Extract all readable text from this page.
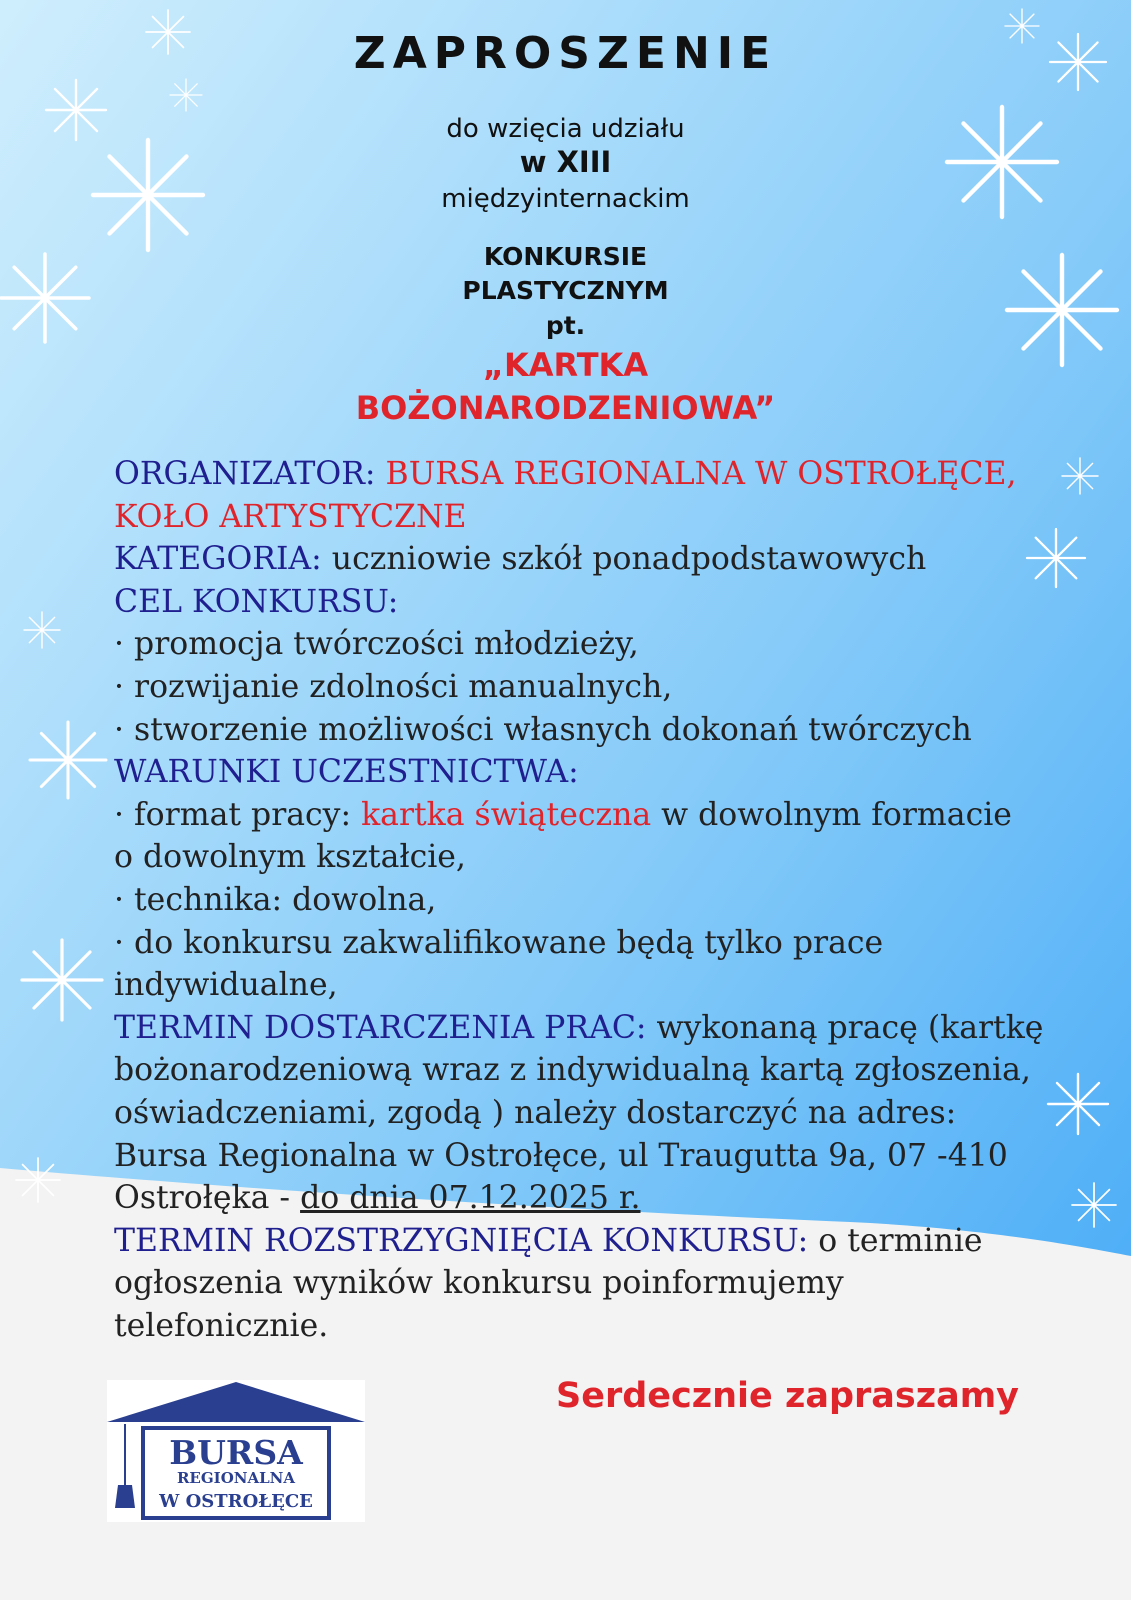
ZAPROSZENIE
do wzięcia udziału
w XIII
międzyinternackim
KONKURSIE
PLASTYCZNYM
pt.
„KARTKA
BOŻONARODZENIOWA”
ORGANIZATOR: BURSA REGIONALNA W OSTROŁĘCE,
KOŁO ARTYSTYCZNE
KATEGORIA: uczniowie szkół ponadpodstawowych
CEL KONKURSU:
· promocja twórczości młodzieży,
· rozwijanie zdolności manualnych,
· stworzenie możliwości własnych dokonań twórczych
WARUNKI UCZESTNICTWA:
· format pracy: kartka świąteczna w dowolnym formacie
o dowolnym kształcie,
· technika: dowolna,
· do konkursu zakwalifikowane będą tylko prace
indywidualne,
TERMIN DOSTARCZENIA PRAC: wykonaną pracę (kartkę
bożonarodzeniową wraz z indywidualną kartą zgłoszenia,
oświadczeniami, zgodą ) należy dostarczyć na adres:
Bursa Regionalna w Ostrołęce, ul Traugutta 9a, 07 -410
Ostrołęka - do dnia 07.12.2025 r.
TERMIN ROZSTRZYGNIĘCIA KONKURSU: o terminie
ogłoszenia wyników konkursu poinformujemy
telefonicznie.
Serdecznie zapraszamy
BURSA
REGIONALNA
W OSTROŁĘCE
